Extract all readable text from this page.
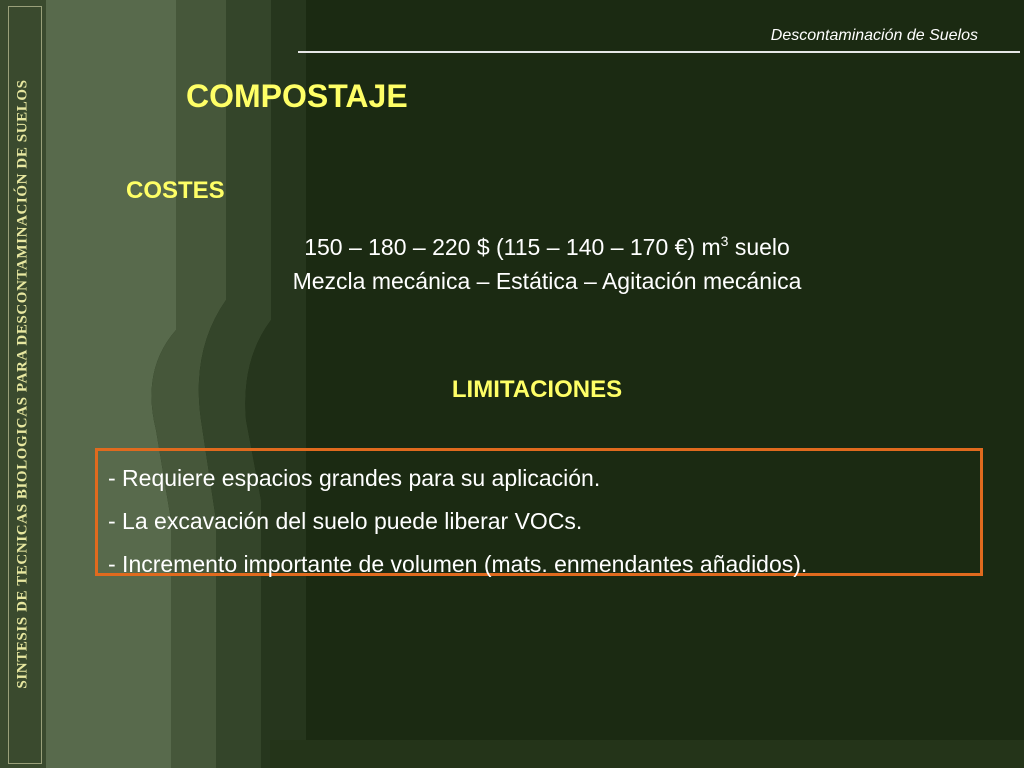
SINTESIS DE TECNICAS BIOLOGICAS PARA DESCONTAMINACIÓN DE SUELOS
Descontaminación de Suelos
COMPOSTAJE
COSTES
150 – 180 – 220 $ (115 – 140 – 170 €) $m^3$ suelo
Mezcla mecánica – Estática – Agitación mecánica
LIMITACIONES
- Requiere espacios grandes para su aplicación.
- La excavación del suelo puede liberar VOCs.
- Incremento importante de volumen (mats. enmendantes añadidos).
